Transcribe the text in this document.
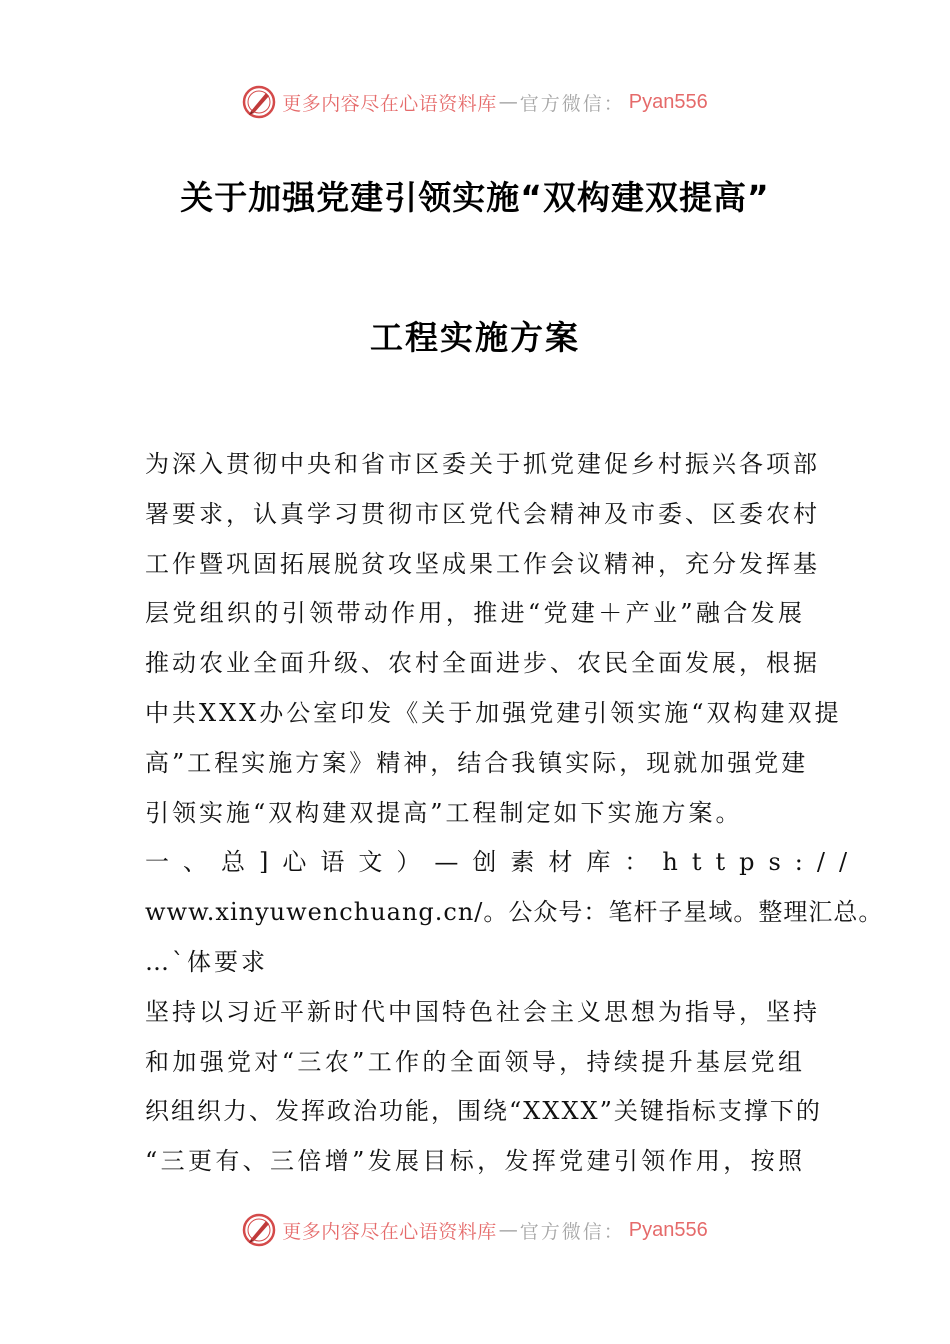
更多内容尽在心语资料库 — 官方微信： Pyan556
关于加强党建引领实施“双构建双提高”
工程实施方案
为深入贯彻中央和省市区委关于抓党建促乡村振兴各项部
署要求，认真学习贯彻市区党代会精神及市委、区委农村
工作暨巩固拓展脱贫攻坚成果工作会议精神，充分发挥基
层党组织的引领带动作用，推进“党建＋产业”融合发展
推动农业全面升级、农村全面进步、农民全面发展，根据
中共XXX办公室印发《关于加强党建引领实施“双构建双提
高”工程实施方案》精神，结合我镇实际，现就加强党建
引领实施“双构建双提高”工程制定如下实施方案。
一、总]心语文）—创素材库：https://
www.xinyuwenchuang.cn/。公众号：笔杆子星域。整理汇总。
…`体要求
坚持以习近平新时代中国特色社会主义思想为指导，坚持
和加强党对“三农”工作的全面领导，持续提升基层党组
织组织力、发挥政治功能，围绕“XXXX”关键指标支撑下的
“三更有、三倍增”发展目标，发挥党建引领作用，按照
更多内容尽在心语资料库 — 官方微信： Pyan556
